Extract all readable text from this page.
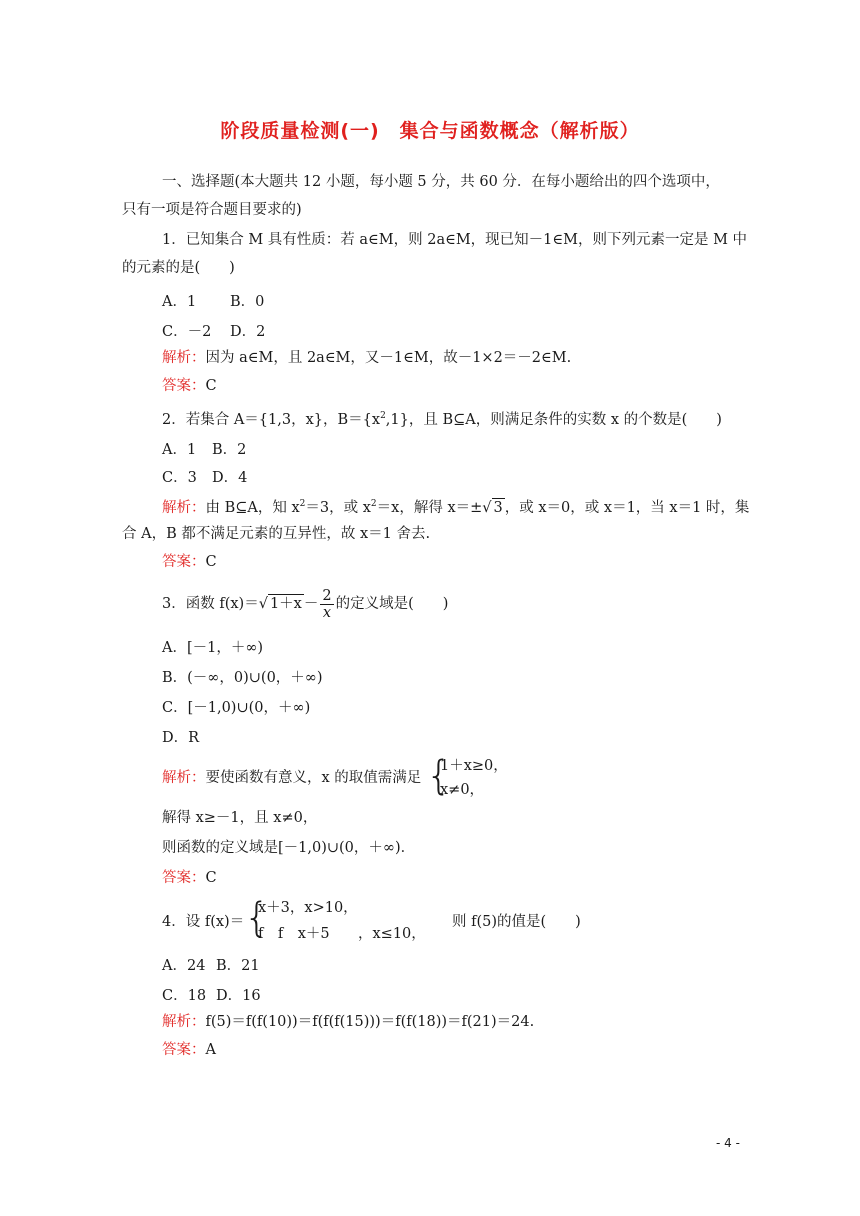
阶段质量检测(一)　集合与函数概念（解析版）
一、选择题(本大题共 12 小题，每小题 5 分，共 60 分．在每小题给出的四个选项中，
只有一项是符合题目要求的)
1．已知集合 M 具有性质：若 a∈M，则 2a∈M，现已知－1∈M，则下列元素一定是 M 中
的元素的是(　　)
A．1 B．0
C．－2 D．2
解析：因为 a∈M，且 2a∈M，又－1∈M，故－1×2＝－2∈M.
答案：C
2．若集合 A＝{1,3，x}，$B=\{x^2,1\}$，且 B⊆A，则满足条件的实数 x 的个数是(　　)
A．1 B．2
C．3 D．4
解析：由 B⊆A，知 $x^2=3$，或 $x^2=x$，解得 x＝±√ 3 ，或 x＝0，或 x＝1，当 x＝1 时，集
合 A，B 都不满足元素的互异性，故 x＝1 舍去.
答案：C
3．函数 f(x)＝√ $1+x - \frac{2}{x}$ 的定义域是(　　)
A．[－1，＋∞)
B．(－∞，0)∪(0，＋∞)
C．[－1,0)∪(0，＋∞)
D．R
解析：要使函数有意义，x 的取值需满足 {
1＋x≥0，
x≠0，
解得 x≥－1，且 x≠0，
则函数的定义域是[－1,0)∪(0，＋∞)．
答案：C
4．设 f(x)＝ {
x＋3，x>10，
f　f　x＋5 ，x≤10，
则 f(5)的值是(　　)
A．24 B．21
C．18 D．16
解析：f(5)＝f(f(10))＝f(f(f(15)))＝f(f(18))＝f(21)＝24.
答案：A
- 4 -
